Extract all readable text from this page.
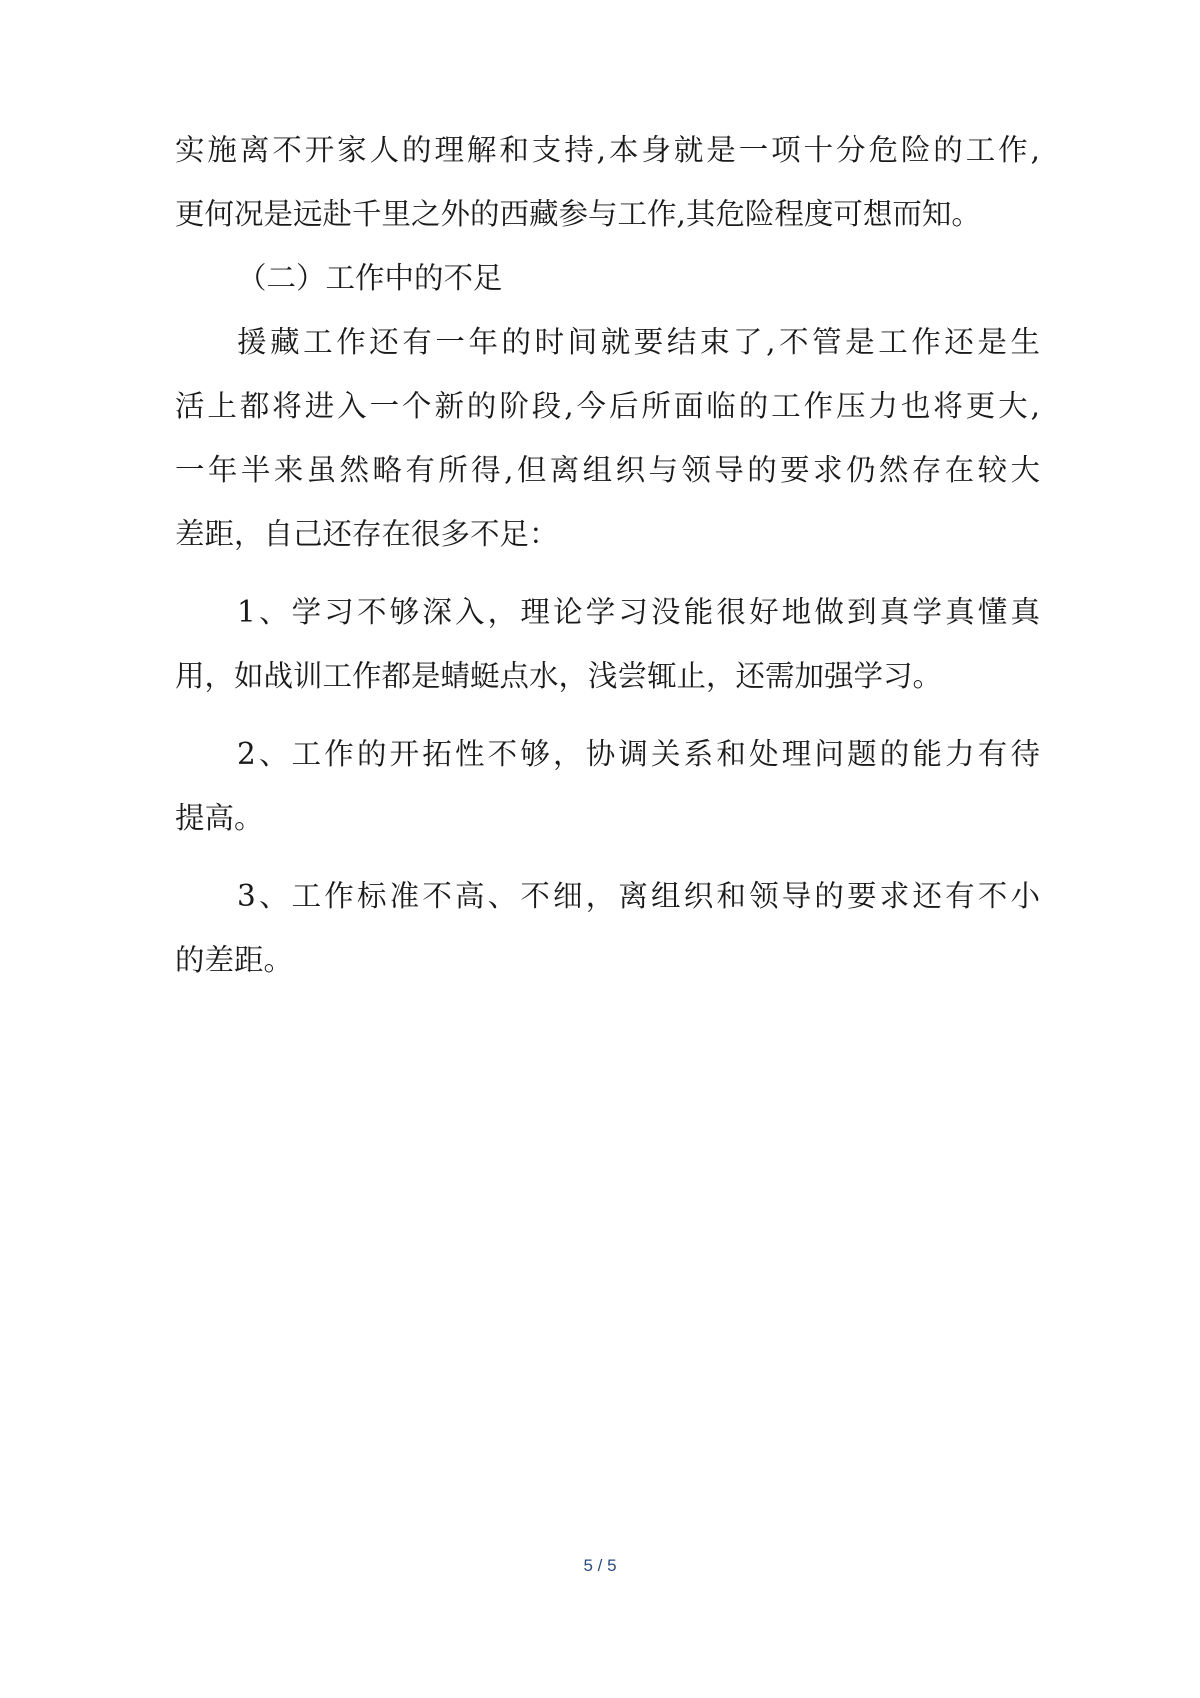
实施离不开家人的理解和支持,本身就是一项十分危险的工作,
更何况是远赴千里之外的西藏参与工作,其危险程度可想而知。
（二）工作中的不足
援藏工作还有一年的时间就要结束了,不管是工作还是生
活上都将进入一个新的阶段,今后所面临的工作压力也将更大,
一年半来虽然略有所得,但离组织与领导的要求仍然存在较大
差距，自己还存在很多不足：
1、学习不够深入，理论学习没能很好地做到真学真懂真
用，如战训工作都是蜻蜓点水，浅尝辄止，还需加强学习。
2、工作的开拓性不够，协调关系和处理问题的能力有待
提高。
3、工作标准不高、不细，离组织和领导的要求还有不小
的差距。
5 / 5
